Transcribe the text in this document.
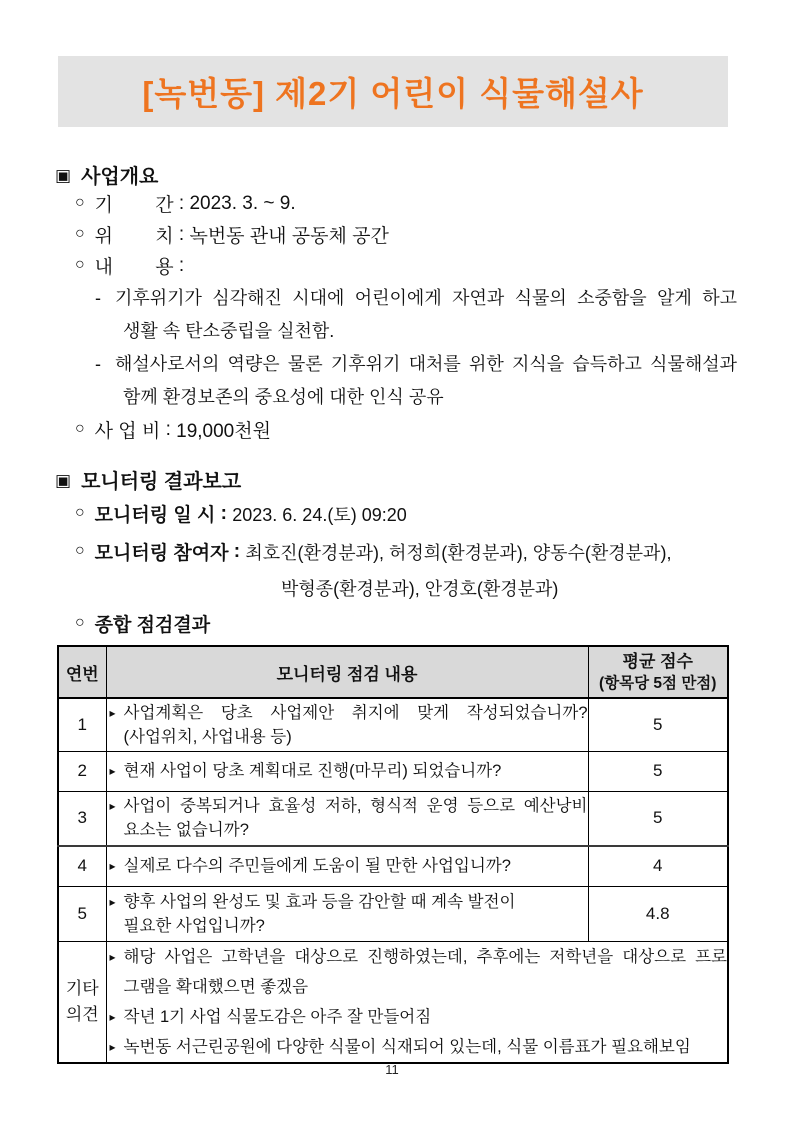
[녹번동] 제2기 어린이 식물해설사
▣ 사업개요
○ 기        간 : 2023. 3. ~ 9.
○ 위        치 : 녹번동 관내 공동체 공간
○ 내        용 :
- 기후위기가 심각해진 시대에 어린이에게 자연과 식물의 소중함을 알게 하고
생활 속 탄소중립을 실천함.
- 해설사로서의 역량은 물론 기후위기 대처를 위한 지식을 습득하고 식물해설과
함께 환경보존의 중요성에 대한 인식 공유
○ 사 업 비 : 19,000천원
▣ 모니터링 결과보고
○ 모니터링 일 시 : 2023. 6. 24.(토) 09:20
○ 모니터링 참여자 : 최호진(환경분과), 허정희(환경분과), 양동수(환경분과),
박형종(환경분과), 안경호(환경분과)
○ 종합 점검결과
연번	모니터링 점검 내용	평균 점수
(항목당 5점 만점)

1	▸ 사업계획은 당초 사업제안 취지에 맞게 작성되었습니까?
(사업위치, 사업내용 등)	5
2	▸ 현재 사업이 당초 계획대로 진행(마무리) 되었습니까?	5
3	▸ 사업이 중복되거나 효율성 저하, 형식적 운영 등으로 예산낭비
요소는 없습니까?	5
4	▸ 실제로 다수의 주민들에게 도움이 될 만한 사업입니까?	4
5	▸ 향후 사업의 완성도 및 효과 등을 감안할 때 계속 발전이
필요한 사업입니까?	4.8

기타
의견

▸ 해당 사업은 고학년을 대상으로 진행하였는데, 추후에는 저학년을 대상으로 프로
그램을 확대했으면 좋겠음
▸ 작년 1기 사업 식물도감은 아주 잘 만들어짐
▸ 녹번동 서근린공원에 다양한 식물이 식재되어 있는데, 식물 이름표가 필요해보임
11
